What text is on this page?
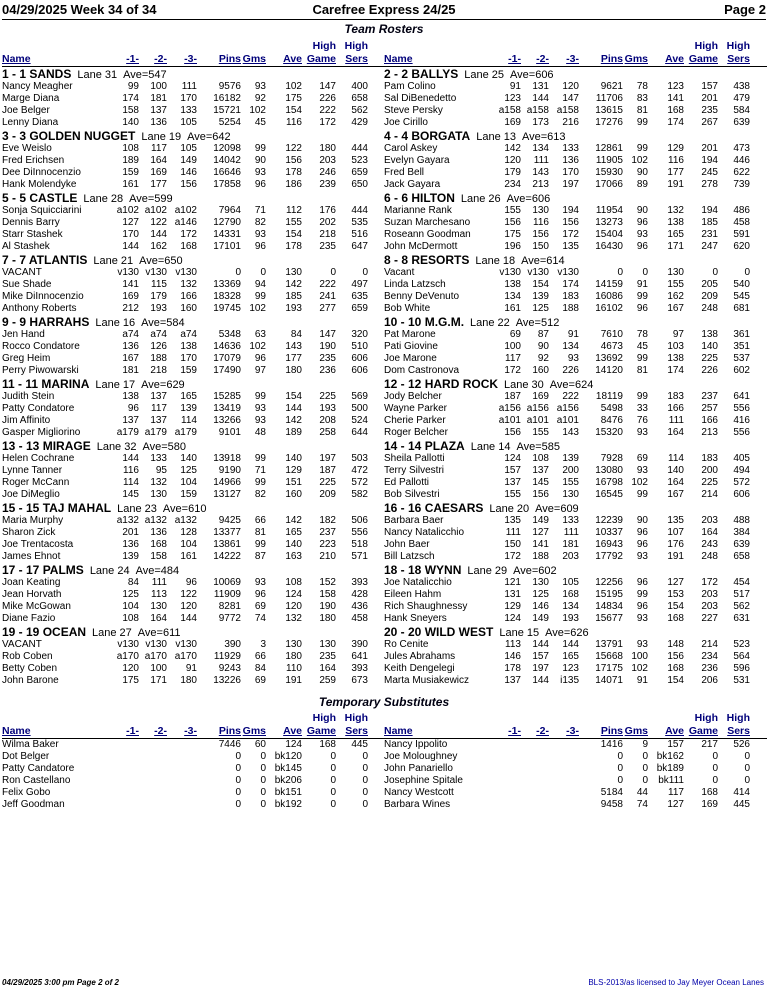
04/29/2025 Week 34 of 34	Carefree Express 24/25	Page 2
Team Rosters
Name	-1- -2- -3- Pins Gms Ave
High
Game
High
Sers
1 - 1 SANDS Lane 31 Ave=547
Nancy Meagher	99 100 111 9576 93 102 147 400
Marge Diana	174 181 170 16182 92 175 226 658
Joe Belger	158 137 133 15721 102 154 222 562
Lenny Diana	140 136 105 5254 45 116 172 429
3 - 3 GOLDEN NUGGET Lane 19 Ave=642
Eve Weislo	108 117 105 12098 99 122 180 444
Fred Erichsen	189 164 149 14042 90 156 203 523
Dee DiInnocenzio	159 169 146 16646 93 178 246 659
Hank Molendyke	161 177 156 17858 96 186 239 650
5 - 5 CASTLE Lane 28 Ave=599
Sonja Squicciarini	a102 a102 a102 7964 71 112 176 444
Dennis Barry	127 122 a146 12790 82 155 202 535
Starr Stashek	170 144 172 14331 93 154 218 516
Al Stashek	144 162 168 17101 96 178 235 647
7 - 7 ATLANTIS Lane 21 Ave=650
VACANT	v130 v130 v130	0 0 130	0	0
Sue Shade	141 115 132 13369 94 142 222 497
Mike DiInnocenzio	169 179 166 18328 99 185 241 635
Anthony Roberts	212 193 160 19745 102 193 277 659
9 - 9 HARRAHS Lane 16 Ave=584
Jen Hand	a74 a74 a74 5348 63 84 147 320
Rocco Condatore	136 126 138 14636 102 143 190 510
Greg Heim	167 188 170 17079 96 177 235 606
Perry Piwowarski	181 218 159 17490 97 180 236 606
11 - 11 MARINA Lane 17 Ave=629
Judith Stein	138 137 165 15285 99 154 225 569
Patty Condatore	96 117 139 13419 93 144 193 500
Jim Affinito	137 137 114 13266 93 142 208 524
Gasper Migliorino	a179 a179 a179 9101 48 189 258 644
13 - 13 MIRAGE Lane 32 Ave=580
Helen Cochrane	144 133 140 13918 99 140 197 503
Lynne Tanner	116 95 125 9190 71 129 187 472
Roger McCann	114 132 104 14966 99 151 225 572
Joe DiMeglio	145 130 159 13127 82 160 209 582
15 - 15 TAJ MAHAL Lane 23 Ave=610
Maria Murphy	a132 a132 a132 9425 66 142 182 506
Sharon Zick	201 136 128 13377 81 165 237 556
Joe Trentacosta	136 168 104 13861 99 140 223 518
James Ehnot	139 158 161 14222 87 163 210 571
17 - 17 PALMS Lane 24 Ave=484
Joan Keating	84 111 96 10069 93 108 152 393
Jean Horvath	125 113 122 11909 96 124 158 428
Mike McGowan	104 130 120 8281 69 120 190 436
Diane Fazio	108 164 144 9772 74 132 180 458
19 - 19 OCEAN Lane 27 Ave=611
VACANT	v130 v130 v130	390 3 130 130 390
Rob Coben	a170 a170 a170 11929 66 180 235 641
Betty Coben	120 100 91 9243 84 110 164 393
John Barone	175 171 180 13226 69 191 259 673
Name	-1- -2- -3- Pins Gms Ave
High
Game
High
Sers
2 - 2 BALLYS Lane 25 Ave=606
Pam Colino	91 131 120 9621 78 123 157 438
Sal DiBenedetto	123 144 147 11706 83 141 201 479
Steve Persky	a158 a158 a158 13615 81 168 235 584
Joe Cirillo	169 173 216 17276 99 174 267 639
4 - 4 BORGATA Lane 13 Ave=613
Carol Askey	142 134 133 12861 99 129 201 473
Evelyn Gayara	120 111 136 11905 102 116 194 446
Fred Bell	179 143 170 15930 90 177 245 622
Jack Gayara	234 213 197 17066 89 191 278 739
6 - 6 HILTON Lane 26 Ave=606
Marianne Rank	155 130 194 11954 90 132 194 486
Suzan Marchesano	156 116 156 13273 96 138 185 458
Roseann Goodman	175 156 172 15404 93 165 231 591
John McDermott	196 150 135 16430 96 171 247 620
8 - 8 RESORTS Lane 18 Ave=614
Vacant	v130 v130 v130	0 0 130	0	0
Linda Latzsch	138 154 174 14159 91 155 205 540
Benny DeVenuto	134 139 183 16086 99 162 209 545
Bob White	161 125 188 16102 96 167 248 681
10 - 10 M.G.M. Lane 22 Ave=512
Pat Marone	69 87 91 7610 78 97 138 361
Pati Giovine	100 90 134 4673 45 103 140 351
Joe Marone	117 92 93 13692 99 138 225 537
Dom Castronova	172 160 226 14120 81 174 226 602
12 - 12 HARD ROCK Lane 30 Ave=624
Jody Belcher	187 169 222 18119 99 183 237 641
Wayne Parker	a156 a156 a156 5498 33 166 257 556
Cherie Parker	a101 a101 a101 8476 76 111 166 416
Roger Belcher	156 155 143 15320 93 164 213 556
14 - 14 PLAZA Lane 14 Ave=585
Sheila Pallotti	124 108 139 7928 69 114 183 405
Terry Silvestri	157 137 200 13080 93 140 200 494
Ed Pallotti	137 145 155 16798 102 164 225 572
Bob Silvestri	155 156 130 16545 99 167 214 606
16 - 16 CAESARS Lane 20 Ave=609
Barbara Baer	135 149 133 12239 90 135 203 488
Nancy Natalicchio	111 127 111 10337 96 107 164 384
John Baer	150 141 181 16943 96 176 243 639
Bill Latzsch	172 188 203 17792 93 191 248 658
18 - 18 WYNN Lane 29 Ave=602
Joe Natalicchio	121 130 105 12256 96 127 172 454
Eileen Hahm	131 125 168 15195 99 153 203 517
Rich Shaughnessy	129 146 134 14834 96 154 203 562
Hank Sneyers	124 149 193 15677 93 168 227 631
20 - 20 WILD WEST Lane 15 Ave=626
Ro Cenite	113 144 144 13791 93 148 214 523
Jules Abrahams	146 157 165 15668 100 156 234 564
Keith Dengelegi	178 197 123 17175 102 168 236 596
Marta Musiakewicz	137 144 i135 14071 91 154 206 531
Temporary Substitutes
Name	-1- -2- -3- Pins Gms Ave
High
Game
High
Sers
Wilma Baker	7446 60 124 168 445
Dot Belger	0 0 bk120	0	0
Patty Candatore	0 0 bk145	0	0
Ron Castellano	0 0 bk206	0	0
Felix Gobo	0 0 bk151	0	0
Jeff Goodman	0 0 bk192	0	0
Name	-1- -2- -3- Pins Gms Ave
High
Game
High
Sers
Nancy Ippolito	1416 9 157 217 526
Joe Moloughney	0 0 bk162	0	0
John Panariello	0 0 bk189	0	0
Josephine Spitale	0 0 bk111	0	0
Nancy Westcott	5184 44 117 168 414
Barbara Wines	9458 74 127 169 445
04/29/2025 3:00 pm Page 2 of 2	BLS-2013/as licensed to Jay Meyer Ocean Lanes
